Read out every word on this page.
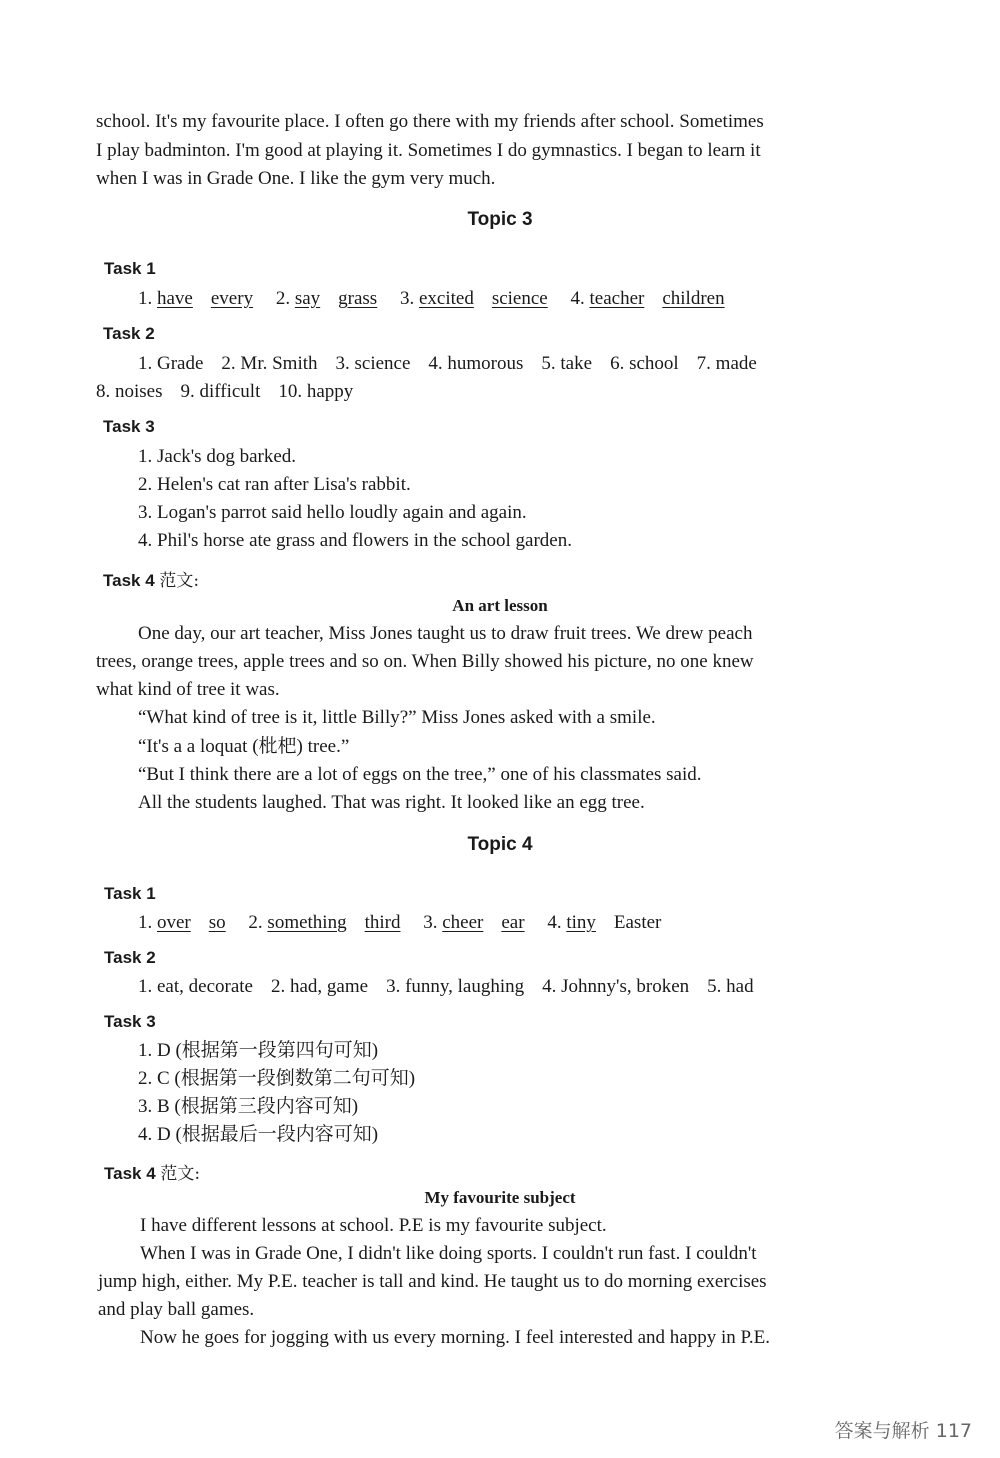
school. It's my favourite place. I often go there with my friends after school. Sometimes
I play badminton. I'm good at playing it. Sometimes I do gymnastics. I began to learn it
when I was in Grade One. I like the gym very much.
Topic 3
Task 1
1. have every 2. say grass 3. excited science 4. teacher children
Task 2
1. Grade 2. Mr. Smith 3. science 4. humorous 5. take 6. school 7. made
8. noises 9. difficult 10. happy
Task 3
1. Jack's dog barked.
2. Helen's cat ran after Lisa's rabbit.
3. Logan's parrot said hello loudly again and again.
4. Phil's horse ate grass and flowers in the school garden.
Task 4 范文:
An art lesson
One day, our art teacher, Miss Jones taught us to draw fruit trees. We drew peach
trees, orange trees, apple trees and so on. When Billy showed his picture, no one knew
what kind of tree it was.
“What kind of tree is it, little Billy?” Miss Jones asked with a smile.
“It's a a loquat (枇杷) tree.”
“But I think there are a lot of eggs on the tree,” one of his classmates said.
All the students laughed. That was right. It looked like an egg tree.
Topic 4
Task 1
1. over so 2. something third 3. cheer ear 4. tiny Easter
Task 2
1. eat, decorate 2. had, game 3. funny, laughing 4. Johnny's, broken 5. had
Task 3
1. D (根据第一段第四句可知)
2. C (根据第一段倒数第二句可知)
3. B (根据第三段内容可知)
4. D (根据最后一段内容可知)
Task 4 范文:
My favourite subject
I have different lessons at school. P.E is my favourite subject.
When I was in Grade One, I didn't like doing sports. I couldn't run fast. I couldn't
jump high, either. My P.E. teacher is tall and kind. He taught us to do morning exercises
and play ball games.
Now he goes for jogging with us every morning. I feel interested and happy in P.E.
答案与解析 117
